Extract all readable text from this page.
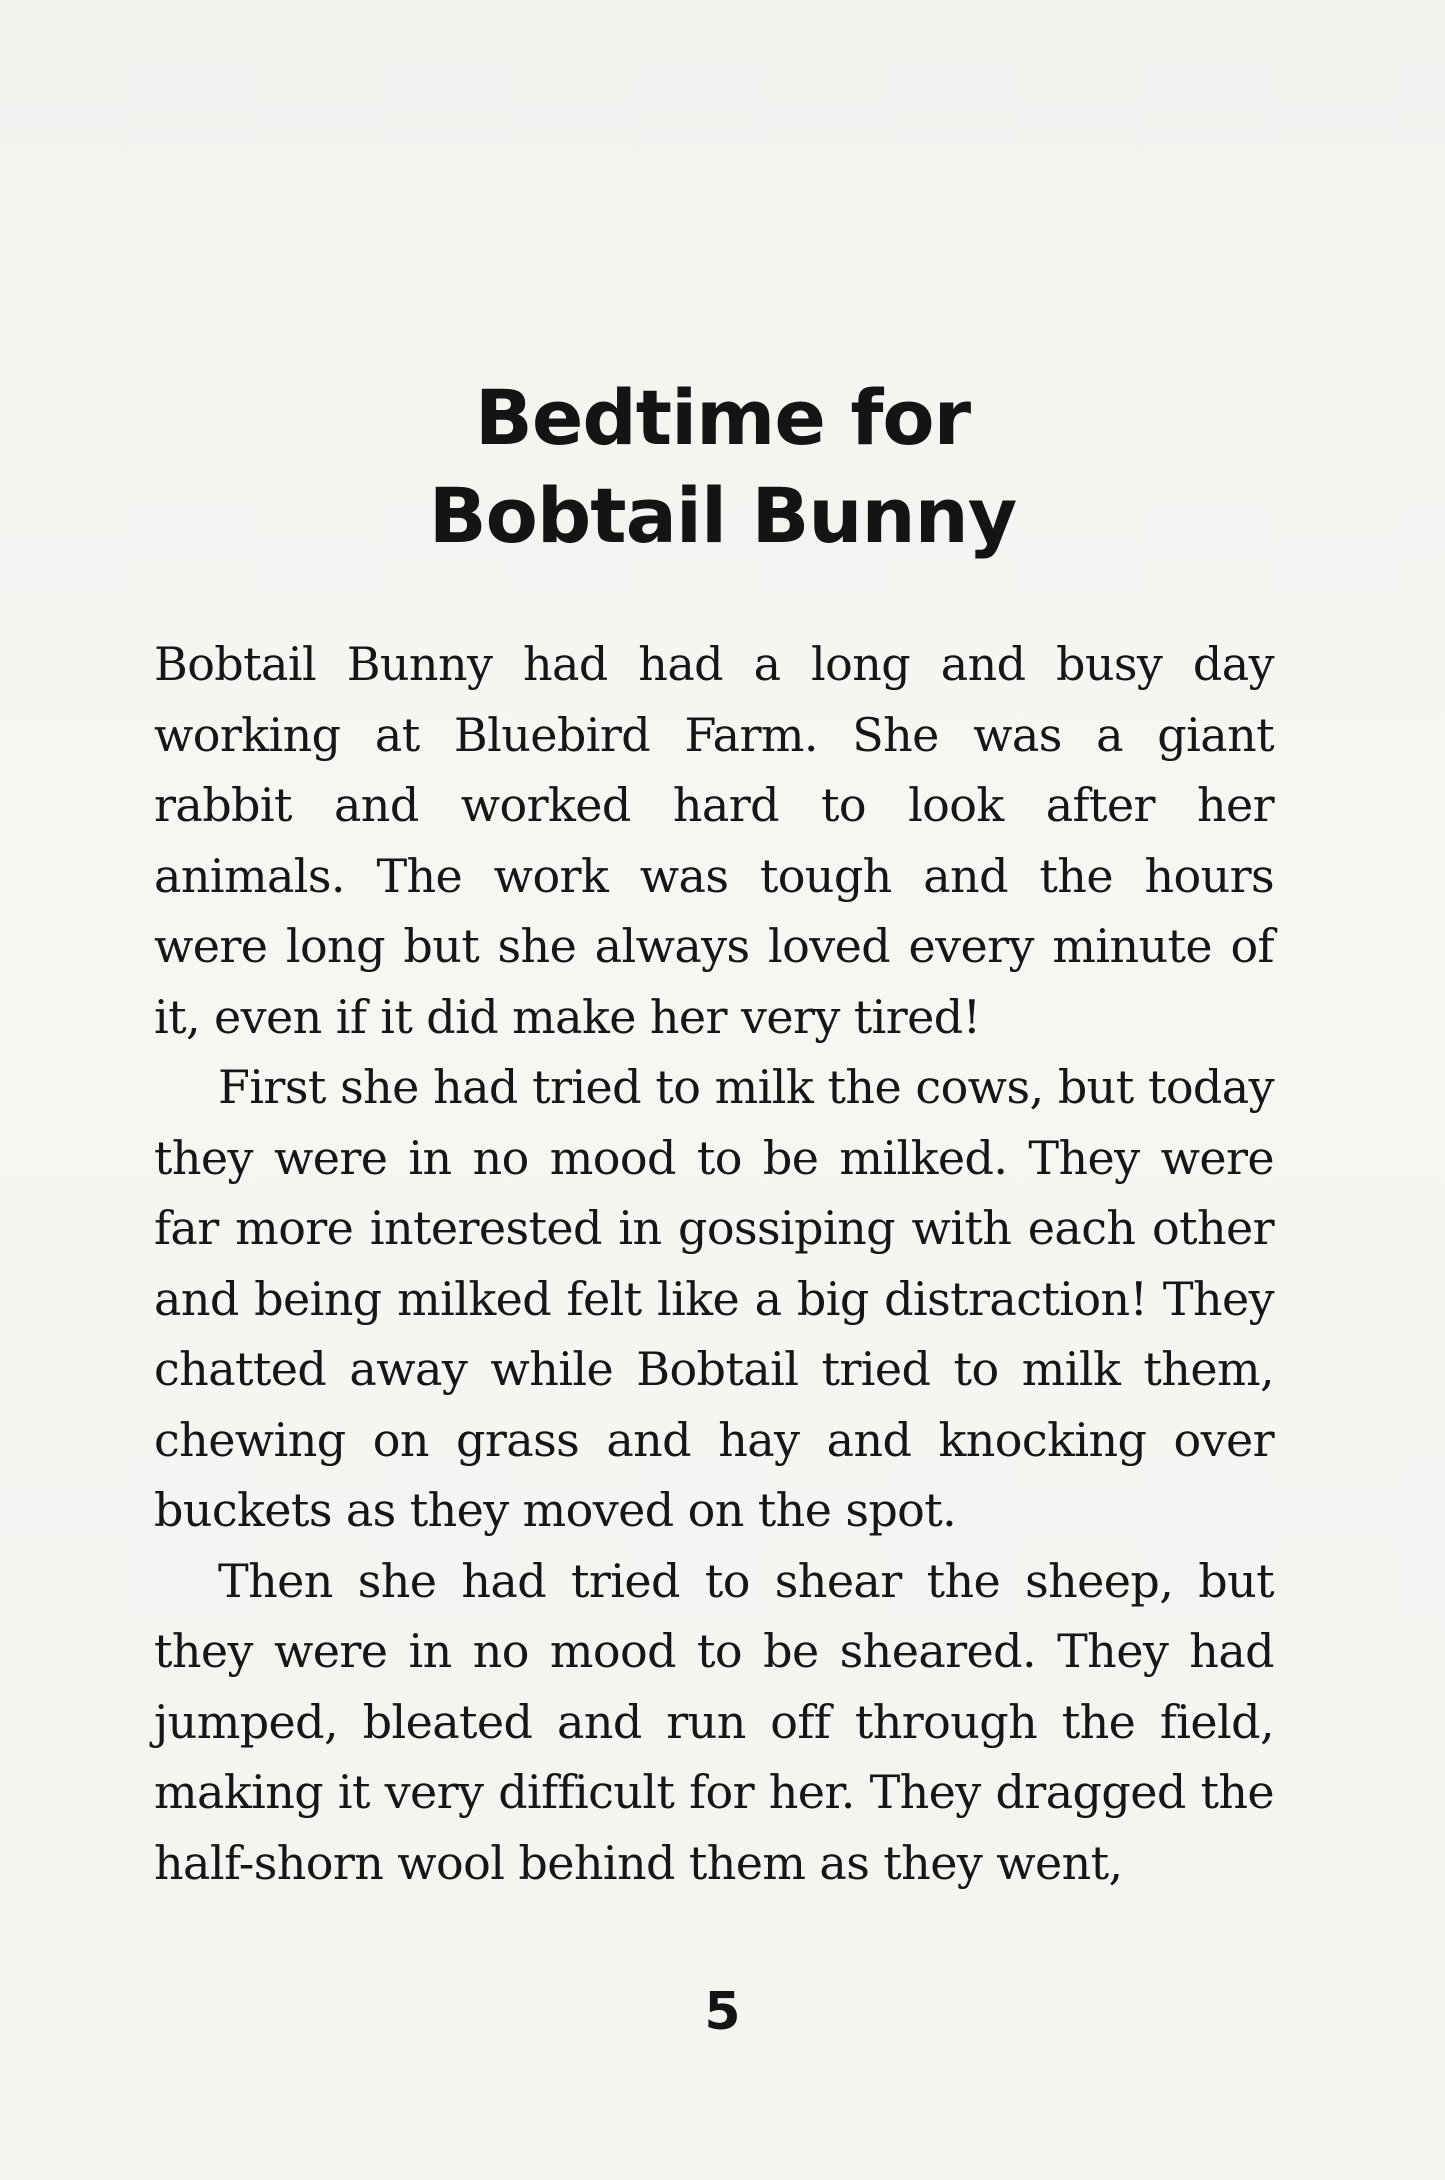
Bedtime for
Bobtail Bunny

Bobtail Bunny had had a long and busy day working at Bluebird Farm. She was a giant rabbit and worked hard to look after her animals. The work was tough and the hours were long but she always loved every minute of it, even if it did make her very tired!

First she had tried to milk the cows, but today they were in no mood to be milked. They were far more interested in gossiping with each other and being milked felt like a big distraction! They chatted away while Bobtail tried to milk them, chewing on grass and hay and knocking over buckets as they moved on the spot.

Then she had tried to shear the sheep, but they were in no mood to be sheared. They had jumped, bleated and run off through the field, making it very difficult for her. They dragged the half-shorn wool behind them as they went,

5
